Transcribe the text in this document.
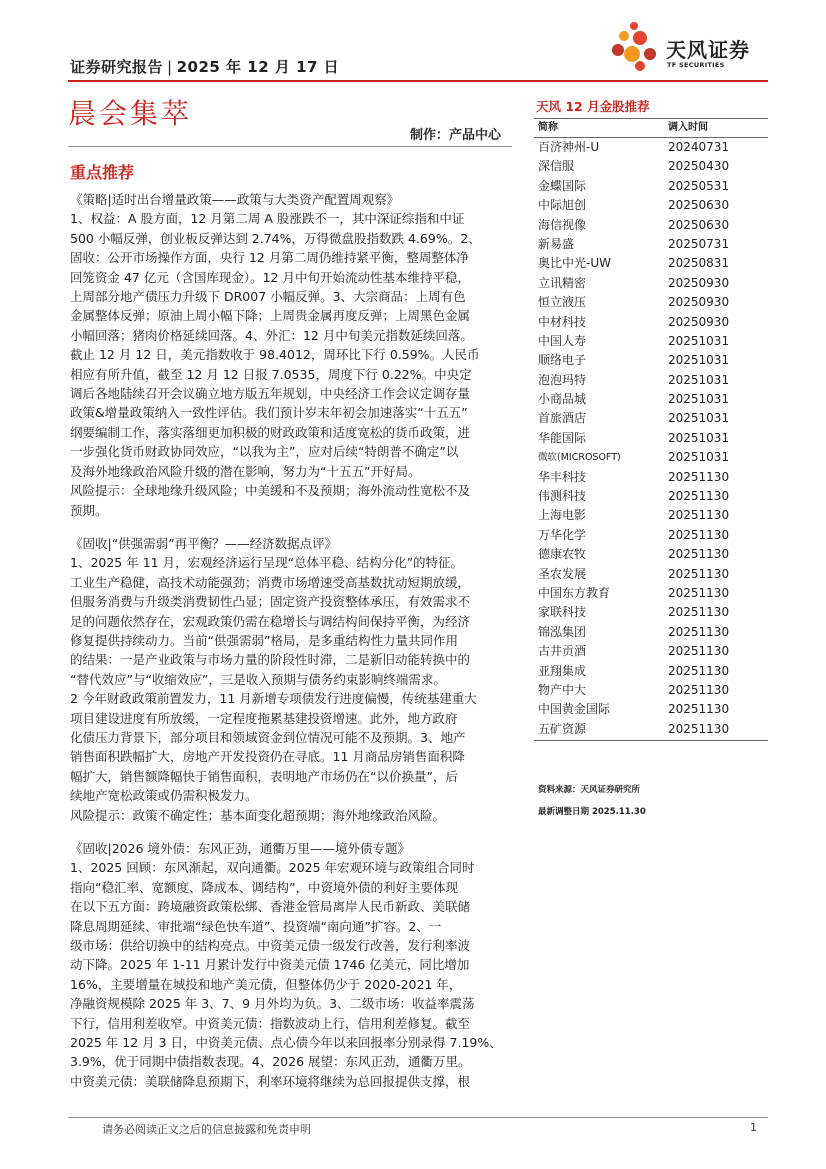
证券研究报告 | 2025 年 12 月 17 日
天风证券
TF SECURITIES
晨会集萃
制作：产品中心
重点推荐

《策略|适时出台增量政策——政策与大类资产配置周观察》

1、权益：A 股方面，12 月第二周 A 股涨跌不一，其中深证综指和中证

500 小幅反弹，创业板反弹达到 2.74%，万得微盘股指数跌 4.69%。2、

固收：公开市场操作方面，央行 12 月第二周仍维持紧平衡，整周整体净

回笼资金 47 亿元（含国库现金）。12 月中旬开始流动性基本维持平稳，

上周部分地产债压力升级下 DR007 小幅反弹。3、大宗商品：上周有色

金属整体反弹；原油上周小幅下降；上周贵金属再度反弹；上周黑色金属

小幅回落；猪肉价格延续回落。4、外汇：12 月中旬美元指数延续回落。

截止 12 月 12 日，美元指数收于 98.4012，周环比下行 0.59%。人民币

相应有所升值，截至 12 月 12 日报 7.0535，周度下行 0.22%。中央定

调后各地陆续召开会议确立地方版五年规划，中央经济工作会议定调存量

政策&增量政策纳入一致性评估。我们预计岁末年初会加速落实“十五五”

纲要编制工作，落实落细更加积极的财政政策和适度宽松的货币政策，进

一步强化货币财政协同效应，“以我为主”，应对后续“特朗普不确定”以

及海外地缘政治风险升级的潜在影响，努力为“十五五”开好局。

风险提示：全球地缘升级风险；中美缓和不及预期；海外流动性宽松不及

预期。

《固收|“供强需弱”再平衡？——经济数据点评》

1、2025 年 11 月，宏观经济运行呈现“总体平稳、结构分化”的特征。

工业生产稳健，高技术动能强劲；消费市场增速受高基数扰动短期放缓，

但服务消费与升级类消费韧性凸显；固定资产投资整体承压，有效需求不

足的问题依然存在，宏观政策仍需在稳增长与调结构间保持平衡，为经济

修复提供持续动力。当前“供强需弱”格局，是多重结构性力量共同作用

的结果：一是产业政策与市场力量的阶段性时滞，二是新旧动能转换中的

“替代效应”与“收缩效应”，三是收入预期与债务约束影响终端需求。

2 今年财政政策前置发力，11 月新增专项债发行进度偏慢，传统基建重大

项目建设进度有所放缓，一定程度拖累基建投资增速。此外，地方政府

化债压力背景下，部分项目和领域资金到位情况可能不及预期。3、地产

销售面积跌幅扩大，房地产开发投资仍在寻底。11 月商品房销售面积降

幅扩大，销售额降幅快于销售面积，表明地产市场仍在“以价换量”，后

续地产宽松政策或仍需积极发力。

风险提示：政策不确定性；基本面变化超预期；海外地缘政治风险。

《固收|2026 境外债：东风正劲，通衢万里——境外债专题》

1、2025 回顾：东风渐起，双向通衢。2025 年宏观环境与政策组合同时

指向“稳汇率、宽额度、降成本、调结构”，中资境外债的利好主要体现

在以下五方面：跨境融资政策松绑、香港金管局离岸人民币新政、美联储

降息周期延续、审批端“绿色快车道”、投资端“南向通”扩容。2、一

级市场：供给切换中的结构亮点。中资美元债一级发行改善，发行利率波

动下降。2025 年 1-11 月累计发行中资美元债 1746 亿美元，同比增加

16%，主要增量在城投和地产美元债，但整体仍少于 2020-2021 年，

净融资规模除 2025 年 3、7、9 月外均为负。3、二级市场：收益率震荡

下行，信用利差收窄。中资美元债：指数波动上行，信用利差修复。截至

2025 年 12 月 3 日，中资美元债、点心债今年以来回报率分别录得 7.19%、

3.9%，优于同期中债指数表现。4、2026 展望：东风正劲，通衢万里。

中资美元债：美联储降息预期下，利率环境将继续为总回报提供支撑，根

天风 12 月金股推荐
简称	调入时间
百济神州-U	20240731
深信服	20250430
金蝶国际	20250531
中际旭创	20250630
海信视像	20250630
新易盛	20250731
奥比中光-UW	20250831
立讯精密	20250930
恒立液压	20250930
中材科技	20250930
中国人寿	20251031
顺络电子	20251031
泡泡玛特	20251031
小商品城	20251031
首旅酒店	20251031
华能国际	20251031
微软(MICROSOFT)	20251031
华丰科技	20251130
伟测科技	20251130
上海电影	20251130
万华化学	20251130
德康农牧	20251130
圣农发展	20251130
中国东方教育	20251130
家联科技	20251130
锦泓集团	20251130
古井贡酒	20251130
亚翔集成	20251130
物产中大	20251130
中国黄金国际	20251130
五矿资源	20251130
资料来源：天风证券研究所
最新调整日期 2025.11.30
请务必阅读正文之后的信息披露和免责申明	1
